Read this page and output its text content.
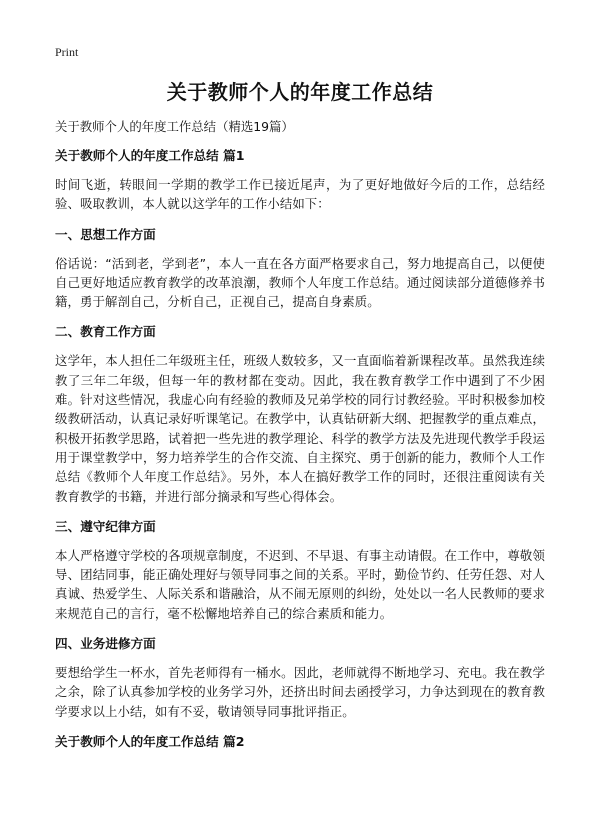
Print
关于教师个人的年度工作总结
关于教师个人的年度工作总结（精选19篇）
关于教师个人的年度工作总结 篇1

时间飞逝，转眼间一学期的教学工作已接近尾声，为了更好地做好今后的工作，总结经验、吸取教训，本人就以这学年的工作小结如下：

一、思想工作方面

俗话说：“活到老，学到老”，本人一直在各方面严格要求自己，努力地提高自己，以便使自己更好地适应教育教学的改革浪潮，教师个人年度工作总结。通过阅读部分道德修养书籍，勇于解剖自己，分析自己，正视自己，提高自身素质。

二、教育工作方面

这学年，本人担任二年级班主任，班级人数较多，又一直面临着新课程改革。虽然我连续教了三年二年级，但每一年的教材都在变动。因此，我在教育教学工作中遇到了不少困难。针对这些情况，我虚心向有经验的教师及兄弟学校的同行讨教经验。平时积极参加校级教研活动，认真记录好听课笔记。在教学中，认真钻研新大纲、把握教学的重点难点，积极开拓教学思路，试着把一些先进的教学理论、科学的教学方法及先进现代教学手段运用于课堂教学中，努力培养学生的合作交流、自主探究、勇于创新的能力，教师个人工作总结《教师个人年度工作总结》。另外，本人在搞好教学工作的同时，还很注重阅读有关教育教学的书籍，并进行部分摘录和写些心得体会。

三、遵守纪律方面

本人严格遵守学校的各项规章制度，不迟到、不早退、有事主动请假。在工作中，尊敬领导、团结同事，能正确处理好与领导同事之间的关系。平时，勤俭节约、任劳任怨、对人真诚、热爱学生、人际关系和谐融洽，从不闹无原则的纠纷，处处以一名人民教师的要求来规范自己的言行，毫不松懈地培养自己的综合素质和能力。

四、业务进修方面

要想给学生一杯水，首先老师得有一桶水。因此，老师就得不断地学习、充电。我在教学之余，除了认真参加学校的业务学习外，还挤出时间去函授学习，力争达到现在的教育教学要求以上小结，如有不妥，敬请领导同事批评指正。

关于教师个人的年度工作总结 篇2
